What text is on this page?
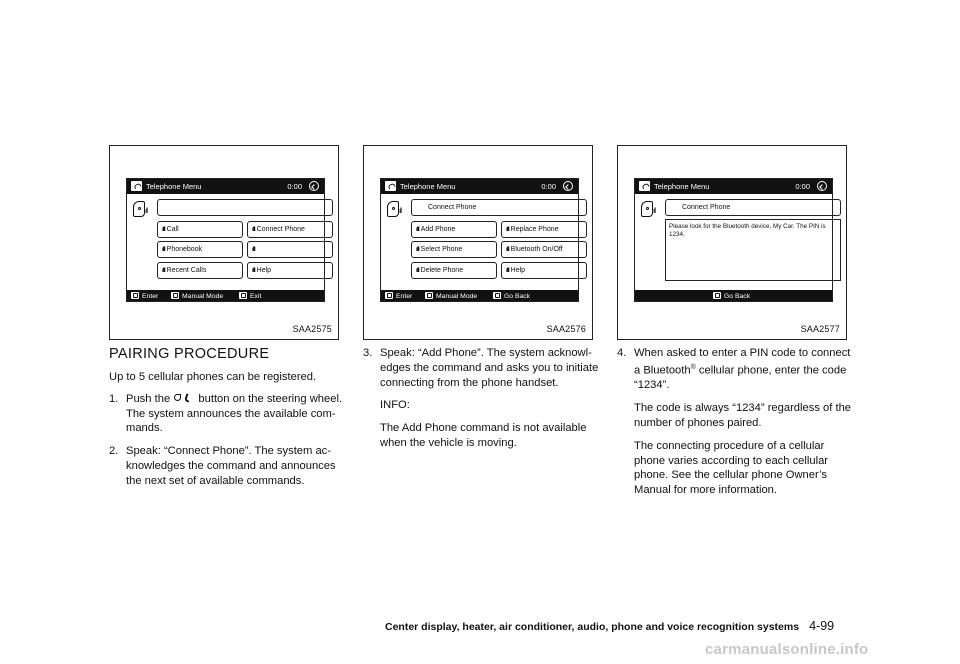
Telephone Menu	0:00
ıll
ılll Call	ılll Connect Phone
ılll Phonebook	ılll
ılll Recent Calls	ılll Help
Enter	Manual Mode	Exit
SAA2575
Telephone Menu	0:00
ıll
Connect Phone
ılll Add Phone	ılll Replace Phone
ılll Select Phone	ılll Bluetooth On/Off
ılll Delete Phone	ılll Help
Enter	Manual Mode	Go Back
SAA2576
Telephone Menu	0:00
ıll
Connect Phone
Please look for the Bluetooth device, My Car. The PIN is 1234.
Go Back
SAA2577
PAIRING PROCEDURE

Up to 5 cellular phones can be registered.

1. Push the	button on the steering wheel. The system announces the available com-mands.
2. Speak: “Connect Phone”. The system ac-knowledges the command and announces the next set of available commands.
3. Speak: “Add Phone”. The system acknowl-edges the command and asks you to initiate connecting from the phone handset.

INFO:

The Add Phone command is not available when the vehicle is moving.

4. When asked to enter a PIN code to connect a Bluetooth® cellular phone, enter the code “1234”.

The code is always “1234” regardless of the number of phones paired.

The connecting procedure of a cellular phone varies according to each cellular phone. See the cellular phone Owner’s Manual for more information.

Center display, heater, air conditioner, audio, phone and voice recognition systems 4-99
carmanualsonline.info
